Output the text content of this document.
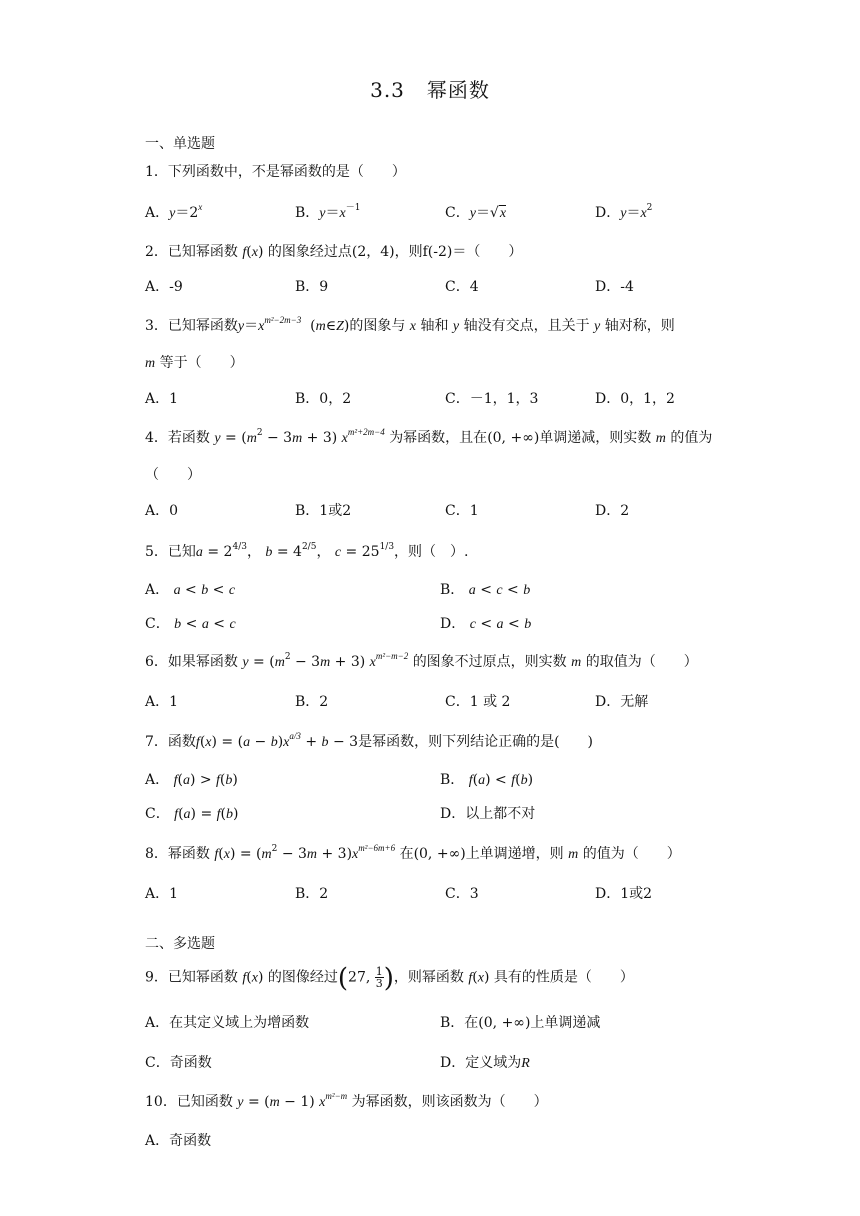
3.3 幂函数
一、单选题
1．下列函数中，不是幂函数的是（　　）
A．$y=2^x$	B．$y=x^{-1}$	C．y＝√x	D．$y=x^2$
2．已知幂函数 f(x) 的图象经过点(2，4)，则f(-2)＝（　　）
A．-9	B．9	C．4	D．-4
3．已知幂函数$y=x^{m^2-2m-3}$  (m∈Z)的图象与 x 轴和 y 轴没有交点，且关于 y 轴对称，则
m 等于（　　）
A．1	B．0，2	C．－1，1，3	D．0，1，2
4．若函数 $y = (m^2 - 3m + 3)$ $x^{m^2+2m-4}$ 为幂函数，且在(0, +∞)单调递减，则实数 m 的值为
（　　）
A．0	B．1或2	C．1	D．2
5．已知$a = 2^{4/3}$， $b = 4^{2/5}$， $c = 25^{1/3}$，则（　）.
A． a < b < c	B． a < c < b
C． b < a < c	D． c < a < b
6．如果幂函数 $y = (m^2 - 3m + 3)$ $x^{m^2-m-2}$ 的图象不过原点，则实数 m 的取值为（　　）
A．1	B．2	C．1 或 2	D．无解
7．函数$f(x) = (a - b)x^{a/3} + b - 3$是幂函数，则下列结论正确的是(　　)
A． f(a) > f(b)	B． f(a) < f(b)
C． f(a) = f(b)	D．以上都不对
8．幂函数 $f(x) = (m^2 - 3m + 3)x^{m^2-6m+6}$ 在(0, +∞)上单调递增，则 m 的值为（　　）
A．1	B．2	C．3	D．1或2
二、多选题
9．已知幂函数 f(x) 的图像经过(27, $\frac{1}{3}$ )，则幂函数 f(x) 具有的性质是（　　）
A．在其定义域上为增函数	B．在(0, +∞)上单调递减
C．奇函数	D．定义域为R
10．已知函数 y = (m − 1) $x^{m^2-m}$ 为幂函数，则该函数为（　　）
A．奇函数
